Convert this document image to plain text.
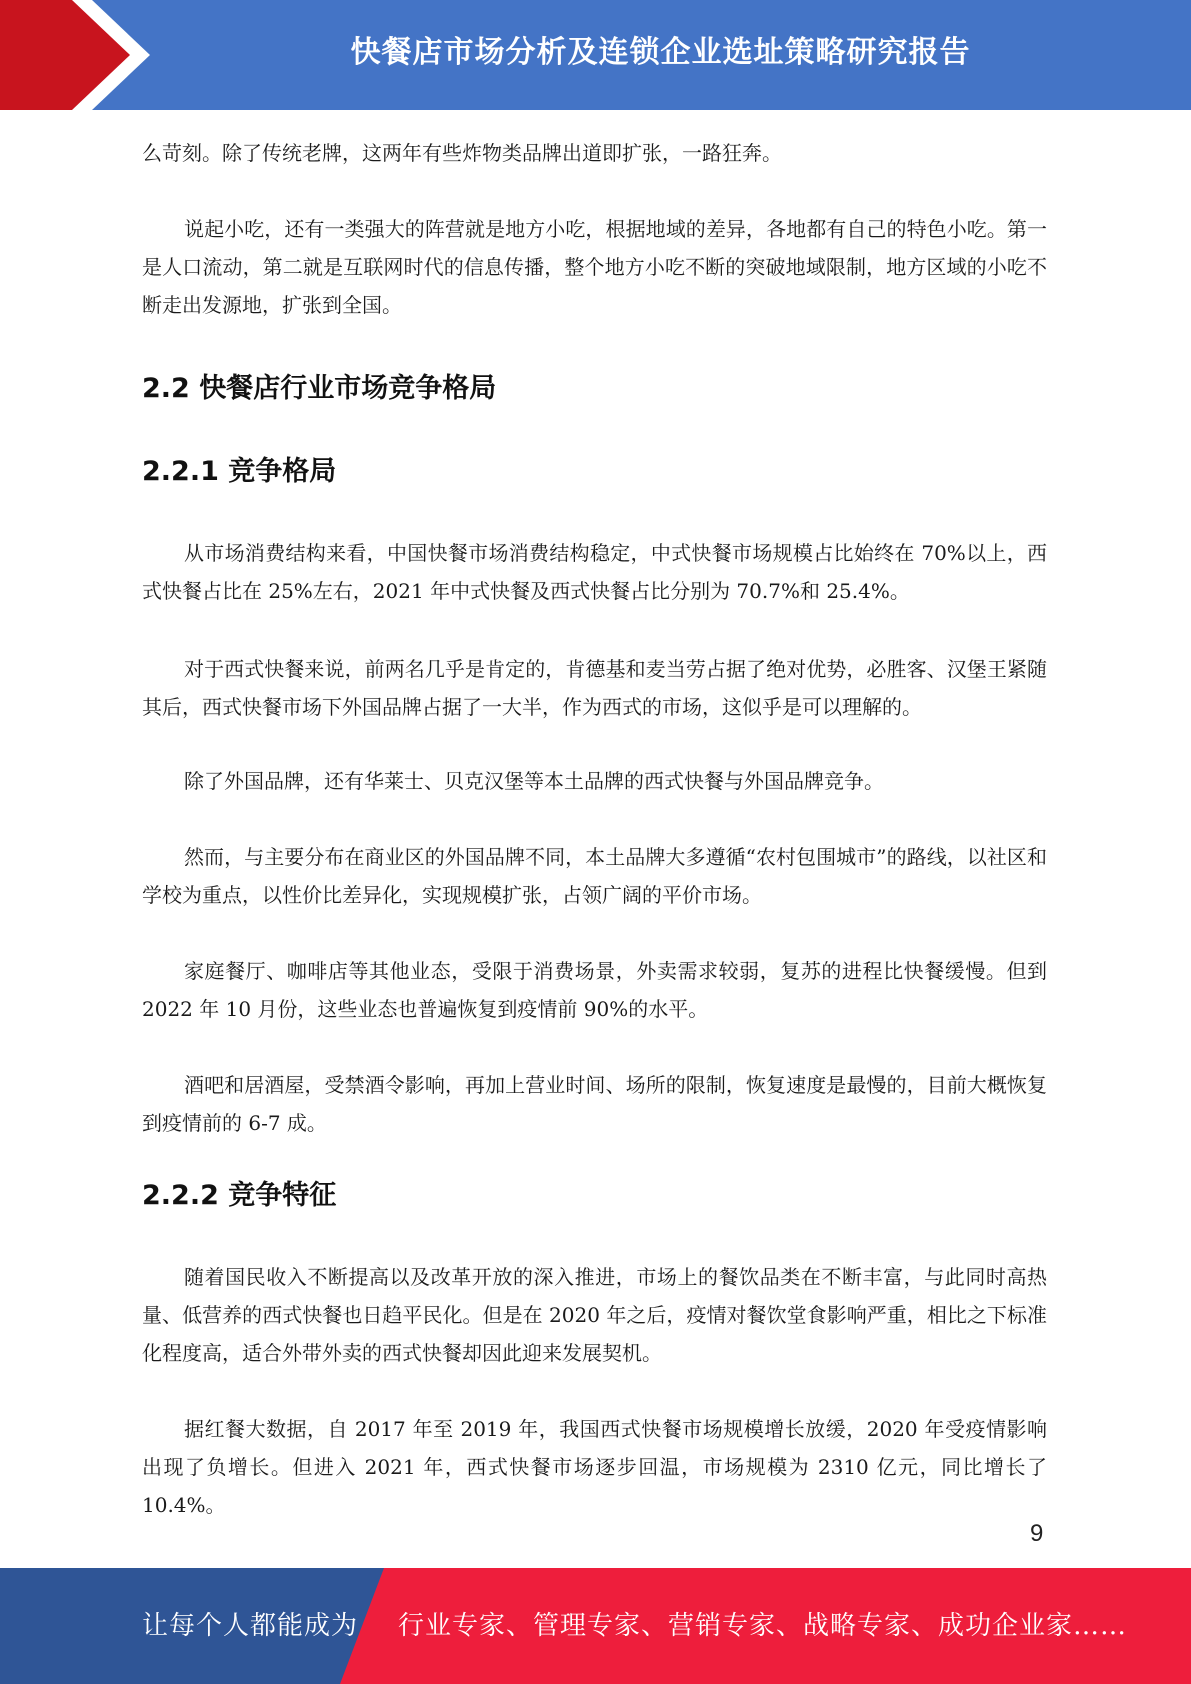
快餐店市场分析及连锁企业选址策略研究报告

么苛刻。除了传统老牌，这两年有些炸物类品牌出道即扩张，一路狂奔。

说起小吃，还有一类强大的阵营就是地方小吃，根据地域的差异，各地都有自己的特色小吃。第一是人口流动，第二就是互联网时代的信息传播，整个地方小吃不断的突破地域限制，地方区域的小吃不断走出发源地，扩张到全国。

2.2 快餐店行业市场竞争格局
2.2.1 竞争格局

从市场消费结构来看，中国快餐市场消费结构稳定，中式快餐市场规模占比始终在 70%以上，西式快餐占比在 25%左右，2021 年中式快餐及西式快餐占比分别为 70.7%和 25.4%。

对于西式快餐来说，前两名几乎是肯定的，肯德基和麦当劳占据了绝对优势，必胜客、汉堡王紧随其后，西式快餐市场下外国品牌占据了一大半，作为西式的市场，这似乎是可以理解的。

除了外国品牌，还有华莱士、贝克汉堡等本土品牌的西式快餐与外国品牌竞争。

然而，与主要分布在商业区的外国品牌不同，本土品牌大多遵循“农村包围城市”的路线，以社区和学校为重点，以性价比差异化，实现规模扩张，占领广阔的平价市场。

家庭餐厅、咖啡店等其他业态，受限于消费场景，外卖需求较弱，复苏的进程比快餐缓慢。但到 2022 年 10 月份，这些业态也普遍恢复到疫情前 90%的水平。

酒吧和居酒屋，受禁酒令影响，再加上营业时间、场所的限制，恢复速度是最慢的，目前大概恢复到疫情前的 6-7 成。

2.2.2 竞争特征

随着国民收入不断提高以及改革开放的深入推进，市场上的餐饮品类在不断丰富，与此同时高热量、低营养的西式快餐也日趋平民化。但是在 2020 年之后，疫情对餐饮堂食影响严重，相比之下标准化程度高，适合外带外卖的西式快餐却因此迎来发展契机。

据红餐大数据，自 2017 年至 2019 年，我国西式快餐市场规模增长放缓，2020 年受疫情影响出现了负增长。但进入 2021 年，西式快餐市场逐步回温，市场规模为 2310 亿元，同比增长了10.4%。

9
让每个人都能成为 行业专家、管理专家、营销专家、战略专家、成功企业家……
